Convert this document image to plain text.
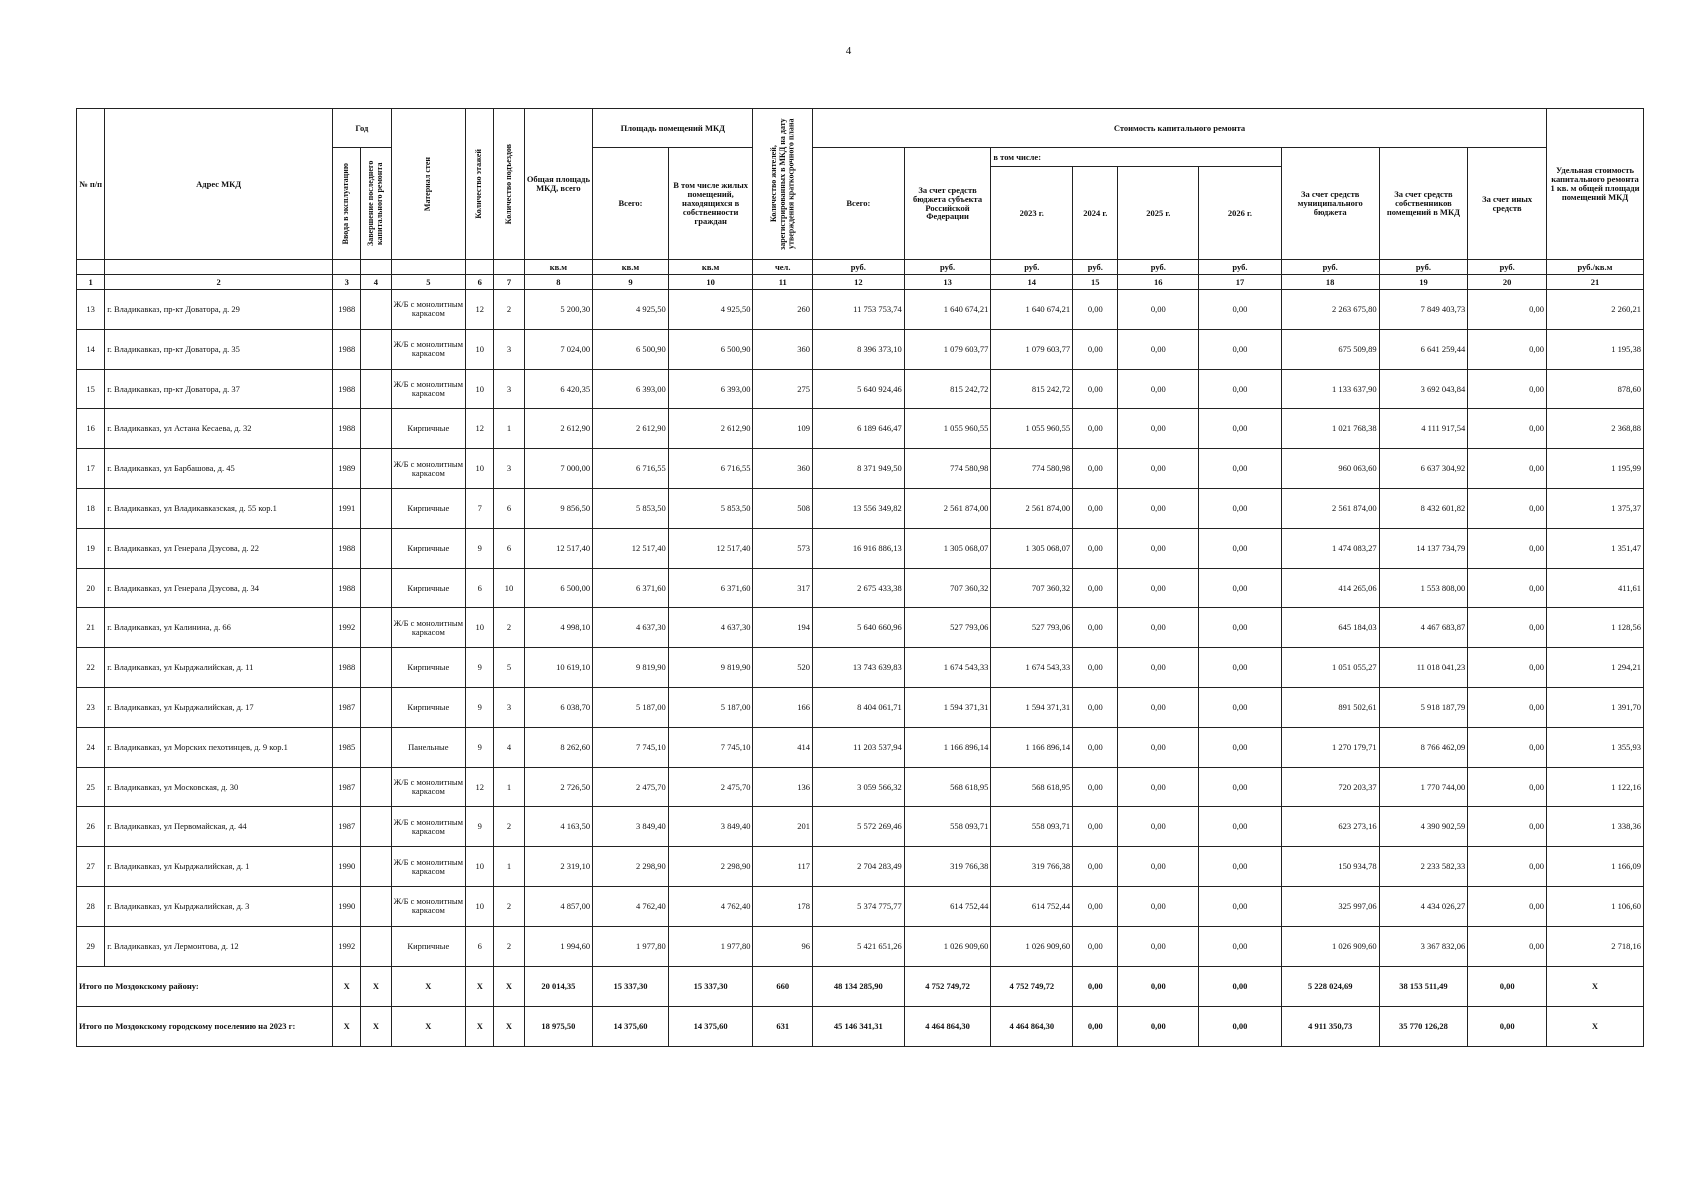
4
№ п/п	Адрес МКД	Год		Материал стен	Количество этажей	Количество подъездов	Общая площадь МКД, всего	Площадь помещений МКД		Количество жителей, зарегистрированных в МКД на дату утверждения краткосрочного плана	Стоимость капитального ремонта									Удельная стоимость капитального ремонта 1 кв. м общей площади помещений МКД

		Ввода в эксплуатацию	Завершение последнего капитального ремонта					Всего:	В том числе жилых помещений, находящихся в собственности граждан		Всего:	За счет средств бюджета субъекта Российской Федерации	в том числе:				За счет средств муниципального бюджета	За счет средств собственников помещений в МКД	За счет иных средств	
													2023 г.	2024 г.	2025 г.	2026 г.				
							кв.м	кв.м	кв.м	чел.	руб.	руб.	руб.	руб.	руб.	руб.	руб.	руб.	руб.	руб./кв.м
1	2	3	4	5	6	7	8	9	10	11	12	13	14	15	16	17	18	19	20	21
13	г. Владикавказ, пр-кт Доватора, д. 29	1988		Ж/Б с монолитным каркасом	12	2	5 200,30	4 925,50	4 925,50	260	11 753 753,74	1 640 674,21	1 640 674,21	0,00	0,00	0,00	2 263 675,80	7 849 403,73	0,00	2 260,21
14	г. Владикавказ, пр-кт Доватора, д. 35	1988		Ж/Б с монолитным каркасом	10	3	7 024,00	6 500,90	6 500,90	360	8 396 373,10	1 079 603,77	1 079 603,77	0,00	0,00	0,00	675 509,89	6 641 259,44	0,00	1 195,38
15	г. Владикавказ, пр-кт Доватора, д. 37	1988		Ж/Б с монолитным каркасом	10	3	6 420,35	6 393,00	6 393,00	275	5 640 924,46	815 242,72	815 242,72	0,00	0,00	0,00	1 133 637,90	3 692 043,84	0,00	878,60
16	г. Владикавказ, ул Астана Кесаева, д. 32	1988		Кирпичные	12	1	2 612,90	2 612,90	2 612,90	109	6 189 646,47	1 055 960,55	1 055 960,55	0,00	0,00	0,00	1 021 768,38	4 111 917,54	0,00	2 368,88
17	г. Владикавказ, ул Барбашова, д. 45	1989		Ж/Б с монолитным каркасом	10	3	7 000,00	6 716,55	6 716,55	360	8 371 949,50	774 580,98	774 580,98	0,00	0,00	0,00	960 063,60	6 637 304,92	0,00	1 195,99
18	г. Владикавказ, ул Владикавказская, д. 55 кор.1	1991		Кирпичные	7	6	9 856,50	5 853,50	5 853,50	508	13 556 349,82	2 561 874,00	2 561 874,00	0,00	0,00	0,00	2 561 874,00	8 432 601,82	0,00	1 375,37
19	г. Владикавказ, ул Генерала Дзусова, д. 22	1988		Кирпичные	9	6	12 517,40	12 517,40	12 517,40	573	16 916 886,13	1 305 068,07	1 305 068,07	0,00	0,00	0,00	1 474 083,27	14 137 734,79	0,00	1 351,47
20	г. Владикавказ, ул Генерала Дзусова, д. 34	1988		Кирпичные	6	10	6 500,00	6 371,60	6 371,60	317	2 675 433,38	707 360,32	707 360,32	0,00	0,00	0,00	414 265,06	1 553 808,00	0,00	411,61
21	г. Владикавказ, ул Калинина, д. 66	1992		Ж/Б с монолитным каркасом	10	2	4 998,10	4 637,30	4 637,30	194	5 640 660,96	527 793,06	527 793,06	0,00	0,00	0,00	645 184,03	4 467 683,87	0,00	1 128,56
22	г. Владикавказ, ул Кырджалийская, д. 11	1988		Кирпичные	9	5	10 619,10	9 819,90	9 819,90	520	13 743 639,83	1 674 543,33	1 674 543,33	0,00	0,00	0,00	1 051 055,27	11 018 041,23	0,00	1 294,21
23	г. Владикавказ, ул Кырджалийская, д. 17	1987		Кирпичные	9	3	6 038,70	5 187,00	5 187,00	166	8 404 061,71	1 594 371,31	1 594 371,31	0,00	0,00	0,00	891 502,61	5 918 187,79	0,00	1 391,70
24	г. Владикавказ, ул Морских пехотинцев, д. 9 кор.1	1985		Панельные	9	4	8 262,60	7 745,10	7 745,10	414	11 203 537,94	1 166 896,14	1 166 896,14	0,00	0,00	0,00	1 270 179,71	8 766 462,09	0,00	1 355,93
25	г. Владикавказ, ул Московская, д. 30	1987		Ж/Б с монолитным каркасом	12	1	2 726,50	2 475,70	2 475,70	136	3 059 566,32	568 618,95	568 618,95	0,00	0,00	0,00	720 203,37	1 770 744,00	0,00	1 122,16
26	г. Владикавказ, ул Первомайская, д. 44	1987		Ж/Б с монолитным каркасом	9	2	4 163,50	3 849,40	3 849,40	201	5 572 269,46	558 093,71	558 093,71	0,00	0,00	0,00	623 273,16	4 390 902,59	0,00	1 338,36
27	г. Владикавказ, ул Кырджалийская, д. 1	1990		Ж/Б с монолитным каркасом	10	1	2 319,10	2 298,90	2 298,90	117	2 704 283,49	319 766,38	319 766,38	0,00	0,00	0,00	150 934,78	2 233 582,33	0,00	1 166,09
28	г. Владикавказ, ул Кырджалийская, д. 3	1990		Ж/Б с монолитным каркасом	10	2	4 857,00	4 762,40	4 762,40	178	5 374 775,77	614 752,44	614 752,44	0,00	0,00	0,00	325 997,06	4 434 026,27	0,00	1 106,60
29	г. Владикавказ, ул Лермонтова, д. 12	1992		Кирпичные	6	2	1 994,60	1 977,80	1 977,80	96	5 421 651,26	1 026 909,60	1 026 909,60	0,00	0,00	0,00	1 026 909,60	3 367 832,06	0,00	2 718,16
Итого по Моздокскому району:		Х	Х	Х	Х	Х	20 014,35	15 337,30	15 337,30	660	48 134 285,90	4 752 749,72	4 752 749,72	0,00	0,00	0,00	5 228 024,69	38 153 511,49	0,00	Х
Итого по Моздокскому городскому поселению на 2023 г:		Х	Х	Х	Х	Х	18 975,50	14 375,60	14 375,60	631	45 146 341,31	4 464 864,30	4 464 864,30	0,00	0,00	0,00	4 911 350,73	35 770 126,28	0,00	Х
